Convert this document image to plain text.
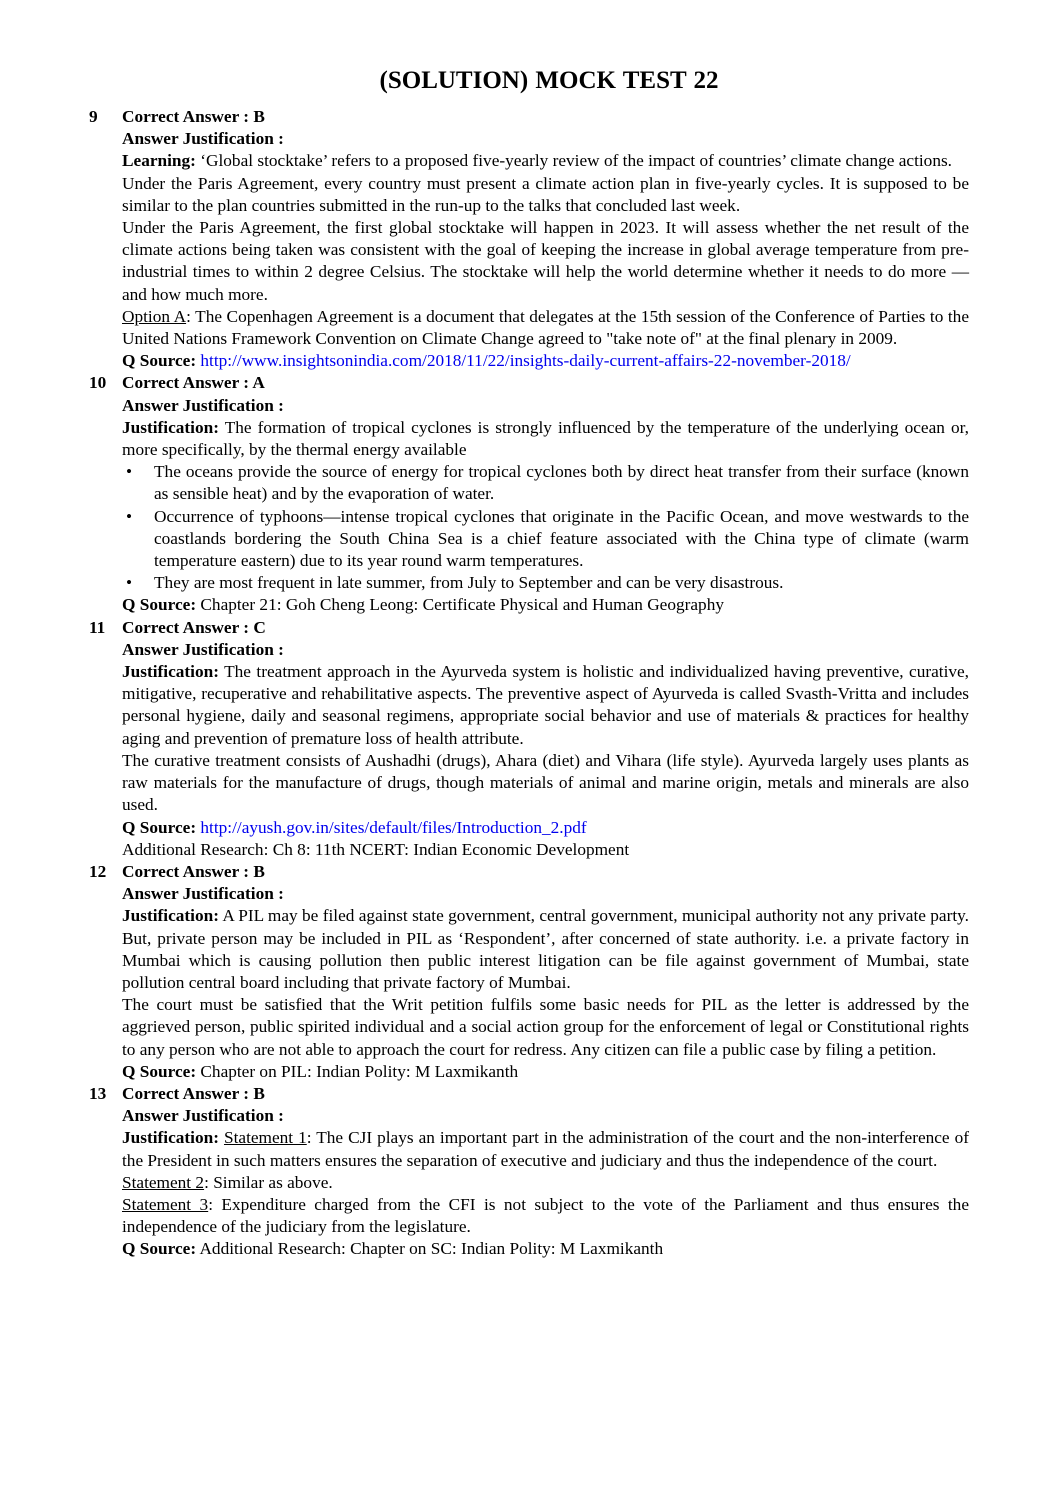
(SOLUTION) MOCK TEST 22
9	Correct Answer : B

Answer Justification :

Learning: ‘Global stocktake’ refers to a proposed five-yearly review of the impact of countries’ climate change actions.

Under the Paris Agreement, every country must present a climate action plan in five-yearly cycles. It is supposed to be similar to the plan countries submitted in the run-up to the talks that concluded last week.

Under the Paris Agreement, the first global stocktake will happen in 2023. It will assess whether the net result of the climate actions being taken was consistent with the goal of keeping the increase in global average temperature from pre-industrial times to within 2 degree Celsius. The stocktake will help the world determine whether it needs to do more — and how much more.

Option A: The Copenhagen Agreement is a document that delegates at the 15th session of the Conference of Parties to the United Nations Framework Convention on Climate Change agreed to "take note of" at the final plenary in 2009.

Q Source: http://www.insightsonindia.com/2018/11/22/insights-daily-current-affairs-22-november-2018/

10 Correct Answer : A

Answer Justification :

Justification: The formation of tropical cyclones is strongly influenced by the temperature of the underlying ocean or, more specifically, by the thermal energy available

• The oceans provide the source of energy for tropical cyclones both by direct heat transfer from their surface (known as sensible heat) and by the evaporation of water.
• Occurrence of typhoons—intense tropical cyclones that originate in the Pacific Ocean, and move westwards to the coastlands bordering the South China Sea is a chief feature associated with the China type of climate (warm temperature eastern) due to its year round warm temperatures.
• They are most frequent in late summer, from July to September and can be very disastrous.

Q Source: Chapter 21: Goh Cheng Leong: Certificate Physical and Human Geography

11 Correct Answer : C

Answer Justification :

Justification: The treatment approach in the Ayurveda system is holistic and individualized having preventive, curative, mitigative, recuperative and rehabilitative aspects. The preventive aspect of Ayurveda is called Svasth-Vritta and includes personal hygiene, daily and seasonal regimens, appropriate social behavior and use of materials & practices for healthy aging and prevention of premature loss of health attribute.

The curative treatment consists of Aushadhi (drugs), Ahara (diet) and Vihara (life style). Ayurveda largely uses plants as raw materials for the manufacture of drugs, though materials of animal and marine origin, metals and minerals are also used.

Q Source: http://ayush.gov.in/sites/default/files/Introduction_2.pdf

Additional Research: Ch 8: 11th NCERT: Indian Economic Development

12 Correct Answer : B

Answer Justification :

Justification: A PIL may be filed against state government, central government, municipal authority not any private party. But, private person may be included in PIL as ‘Respondent’, after concerned of state authority. i.e. a private factory in Mumbai which is causing pollution then public interest litigation can be file against government of Mumbai, state pollution central board including that private factory of Mumbai.

The court must be satisfied that the Writ petition fulfils some basic needs for PIL as the letter is addressed by the aggrieved person, public spirited individual and a social action group for the enforcement of legal or Constitutional rights to any person who are not able to approach the court for redress. Any citizen can file a public case by filing a petition.

Q Source: Chapter on PIL: Indian Polity: M Laxmikanth

13 Correct Answer : B

Answer Justification :

Justification: Statement 1: The CJI plays an important part in the administration of the court and the non-interference of the President in such matters ensures the separation of executive and judiciary and thus the independence of the court.

Statement 2: Similar as above.

Statement 3: Expenditure charged from the CFI is not subject to the vote of the Parliament and thus ensures the independence of the judiciary from the legislature.

Q Source: Additional Research: Chapter on SC: Indian Polity: M Laxmikanth
